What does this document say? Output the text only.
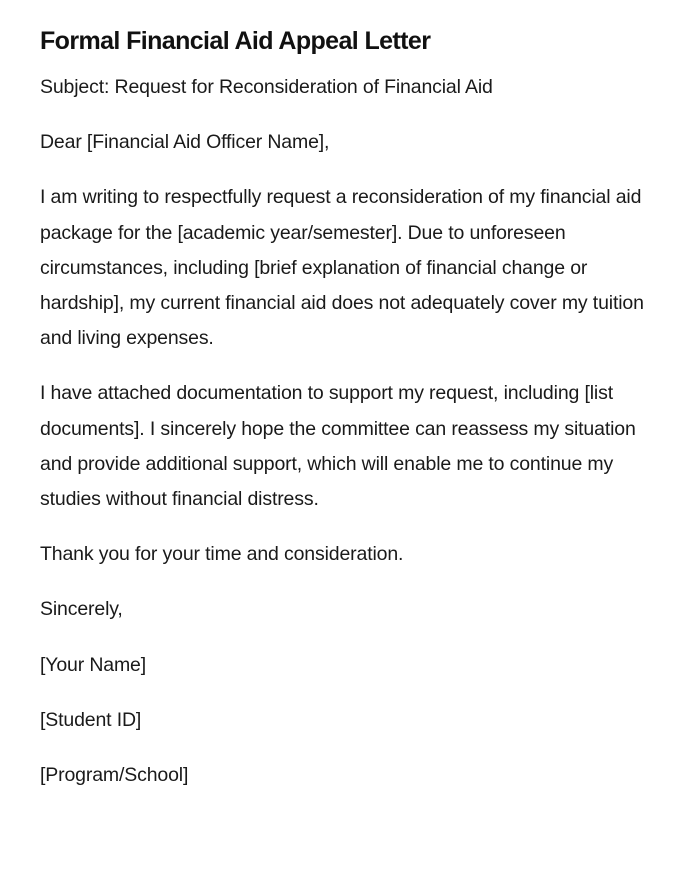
Formal Financial Aid Appeal Letter

Subject: Request for Reconsideration of Financial Aid

Dear [Financial Aid Officer Name],

I am writing to respectfully request a reconsideration of my financial aid package for the [academic year/semester]. Due to unforeseen circumstances, including [brief explanation of financial change or hardship], my current financial aid does not adequately cover my tuition and living expenses.

I have attached documentation to support my request, including [list documents]. I sincerely hope the committee can reassess my situation and provide additional support, which will enable me to continue my studies without financial distress.

Thank you for your time and consideration.

Sincerely,

[Your Name]

[Student ID]

[Program/School]
